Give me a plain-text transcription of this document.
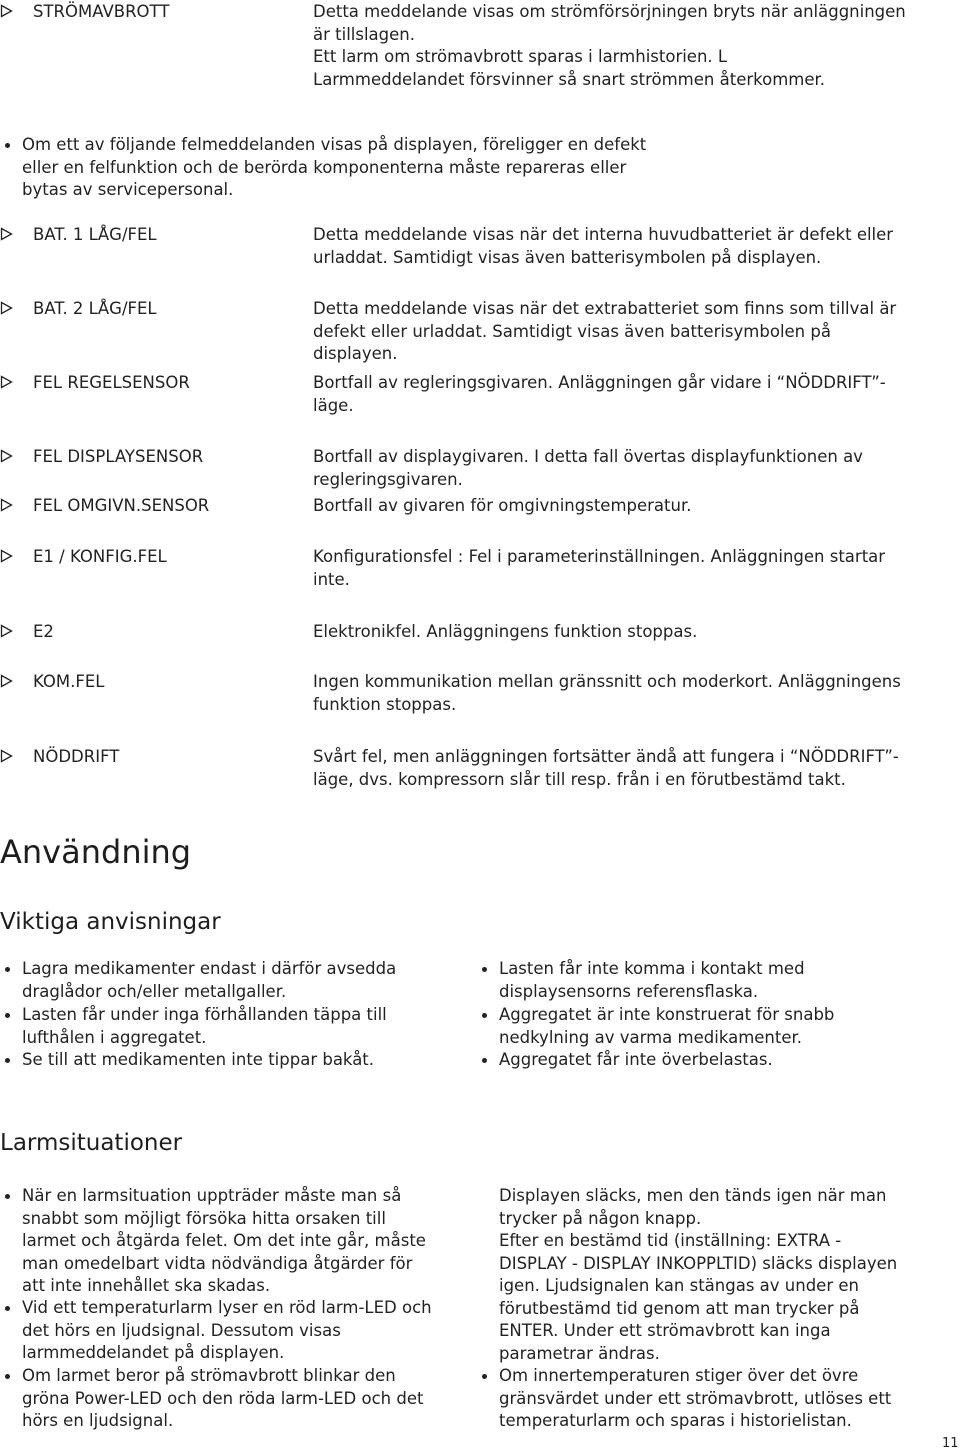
STRÖMAVBROTT	Detta meddelande visas om strömförsörjningen bryts när anläggningen
är tillslagen.
Ett larm om strömavbrott sparas i larmhistorien. L
Larmmeddelandet försvinner så snart strömmen återkommer.
Om ett av följande felmeddelanden visas på displayen, föreligger en defekt
eller en felfunktion och de berörda komponenterna måste repareras eller
bytas av servicepersonal.
BAT. 1 LÅG/FEL	Detta meddelande visas när det interna huvudbatteriet är defekt eller
urladdat. Samtidigt visas även batterisymbolen på displayen.
BAT. 2 LÅG/FEL	Detta meddelande visas när det extrabatteriet som finns som tillval är
defekt eller urladdat. Samtidigt visas även batterisymbolen på
displayen.
FEL REGELSENSOR	Bortfall av regleringsgivaren. Anläggningen går vidare i “NÖDDRIFT”-
läge.
FEL DISPLAYSENSOR	Bortfall av displaygivaren. I detta fall övertas displayfunktionen av
regleringsgivaren.
FEL OMGIVN.SENSOR	Bortfall av givaren för omgivningstemperatur.
E1 / KONFIG.FEL	Konfigurationsfel : Fel i parameterinställningen. Anläggningen startar
inte.
E2	Elektronikfel. Anläggningens funktion stoppas.
KOM.FEL	Ingen kommunikation mellan gränssnitt och moderkort. Anläggningens
funktion stoppas.
NÖDDRIFT	Svårt fel, men anläggningen fortsätter ändå att fungera i “NÖDDRIFT”-
läge, dvs. kompressorn slår till resp. från i en förutbestämd takt.
Användning
Viktiga anvisningar
Lagra medikamenter endast i därför avsedda
draglådor och/eller metallgaller.
Lasten får under inga förhållanden täppa till
lufthålen i aggregatet.
Se till att medikamenten inte tippar bakåt.
Lasten får inte komma i kontakt med
displaysensorns referensflaska.
Aggregatet är inte konstruerat för snabb
nedkylning av varma medikamenter.
Aggregatet får inte överbelastas.
Larmsituationer
När en larmsituation uppträder måste man så
snabbt som möjligt försöka hitta orsaken till
larmet och åtgärda felet. Om det inte går, måste
man omedelbart vidta nödvändiga åtgärder för
att inte innehållet ska skadas.
Vid ett temperaturlarm lyser en röd larm-LED och
det hörs en ljudsignal. Dessutom visas
larmmeddelandet på displayen.
Om larmet beror på strömavbrott blinkar den
gröna Power-LED och den röda larm-LED och det
hörs en ljudsignal.
Displayen släcks, men den tänds igen när man
trycker på någon knapp.
Efter en bestämd tid (inställning: EXTRA -
DISPLAY - DISPLAY INKOPPLTID) släcks displayen
igen. Ljudsignalen kan stängas av under en
förutbestämd tid genom att man trycker på
ENTER. Under ett strömavbrott kan inga
parametrar ändras.
Om innertemperaturen stiger över det övre
gränsvärdet under ett strömavbrott, utlöses ett
temperaturlarm och sparas i historielistan.
11
